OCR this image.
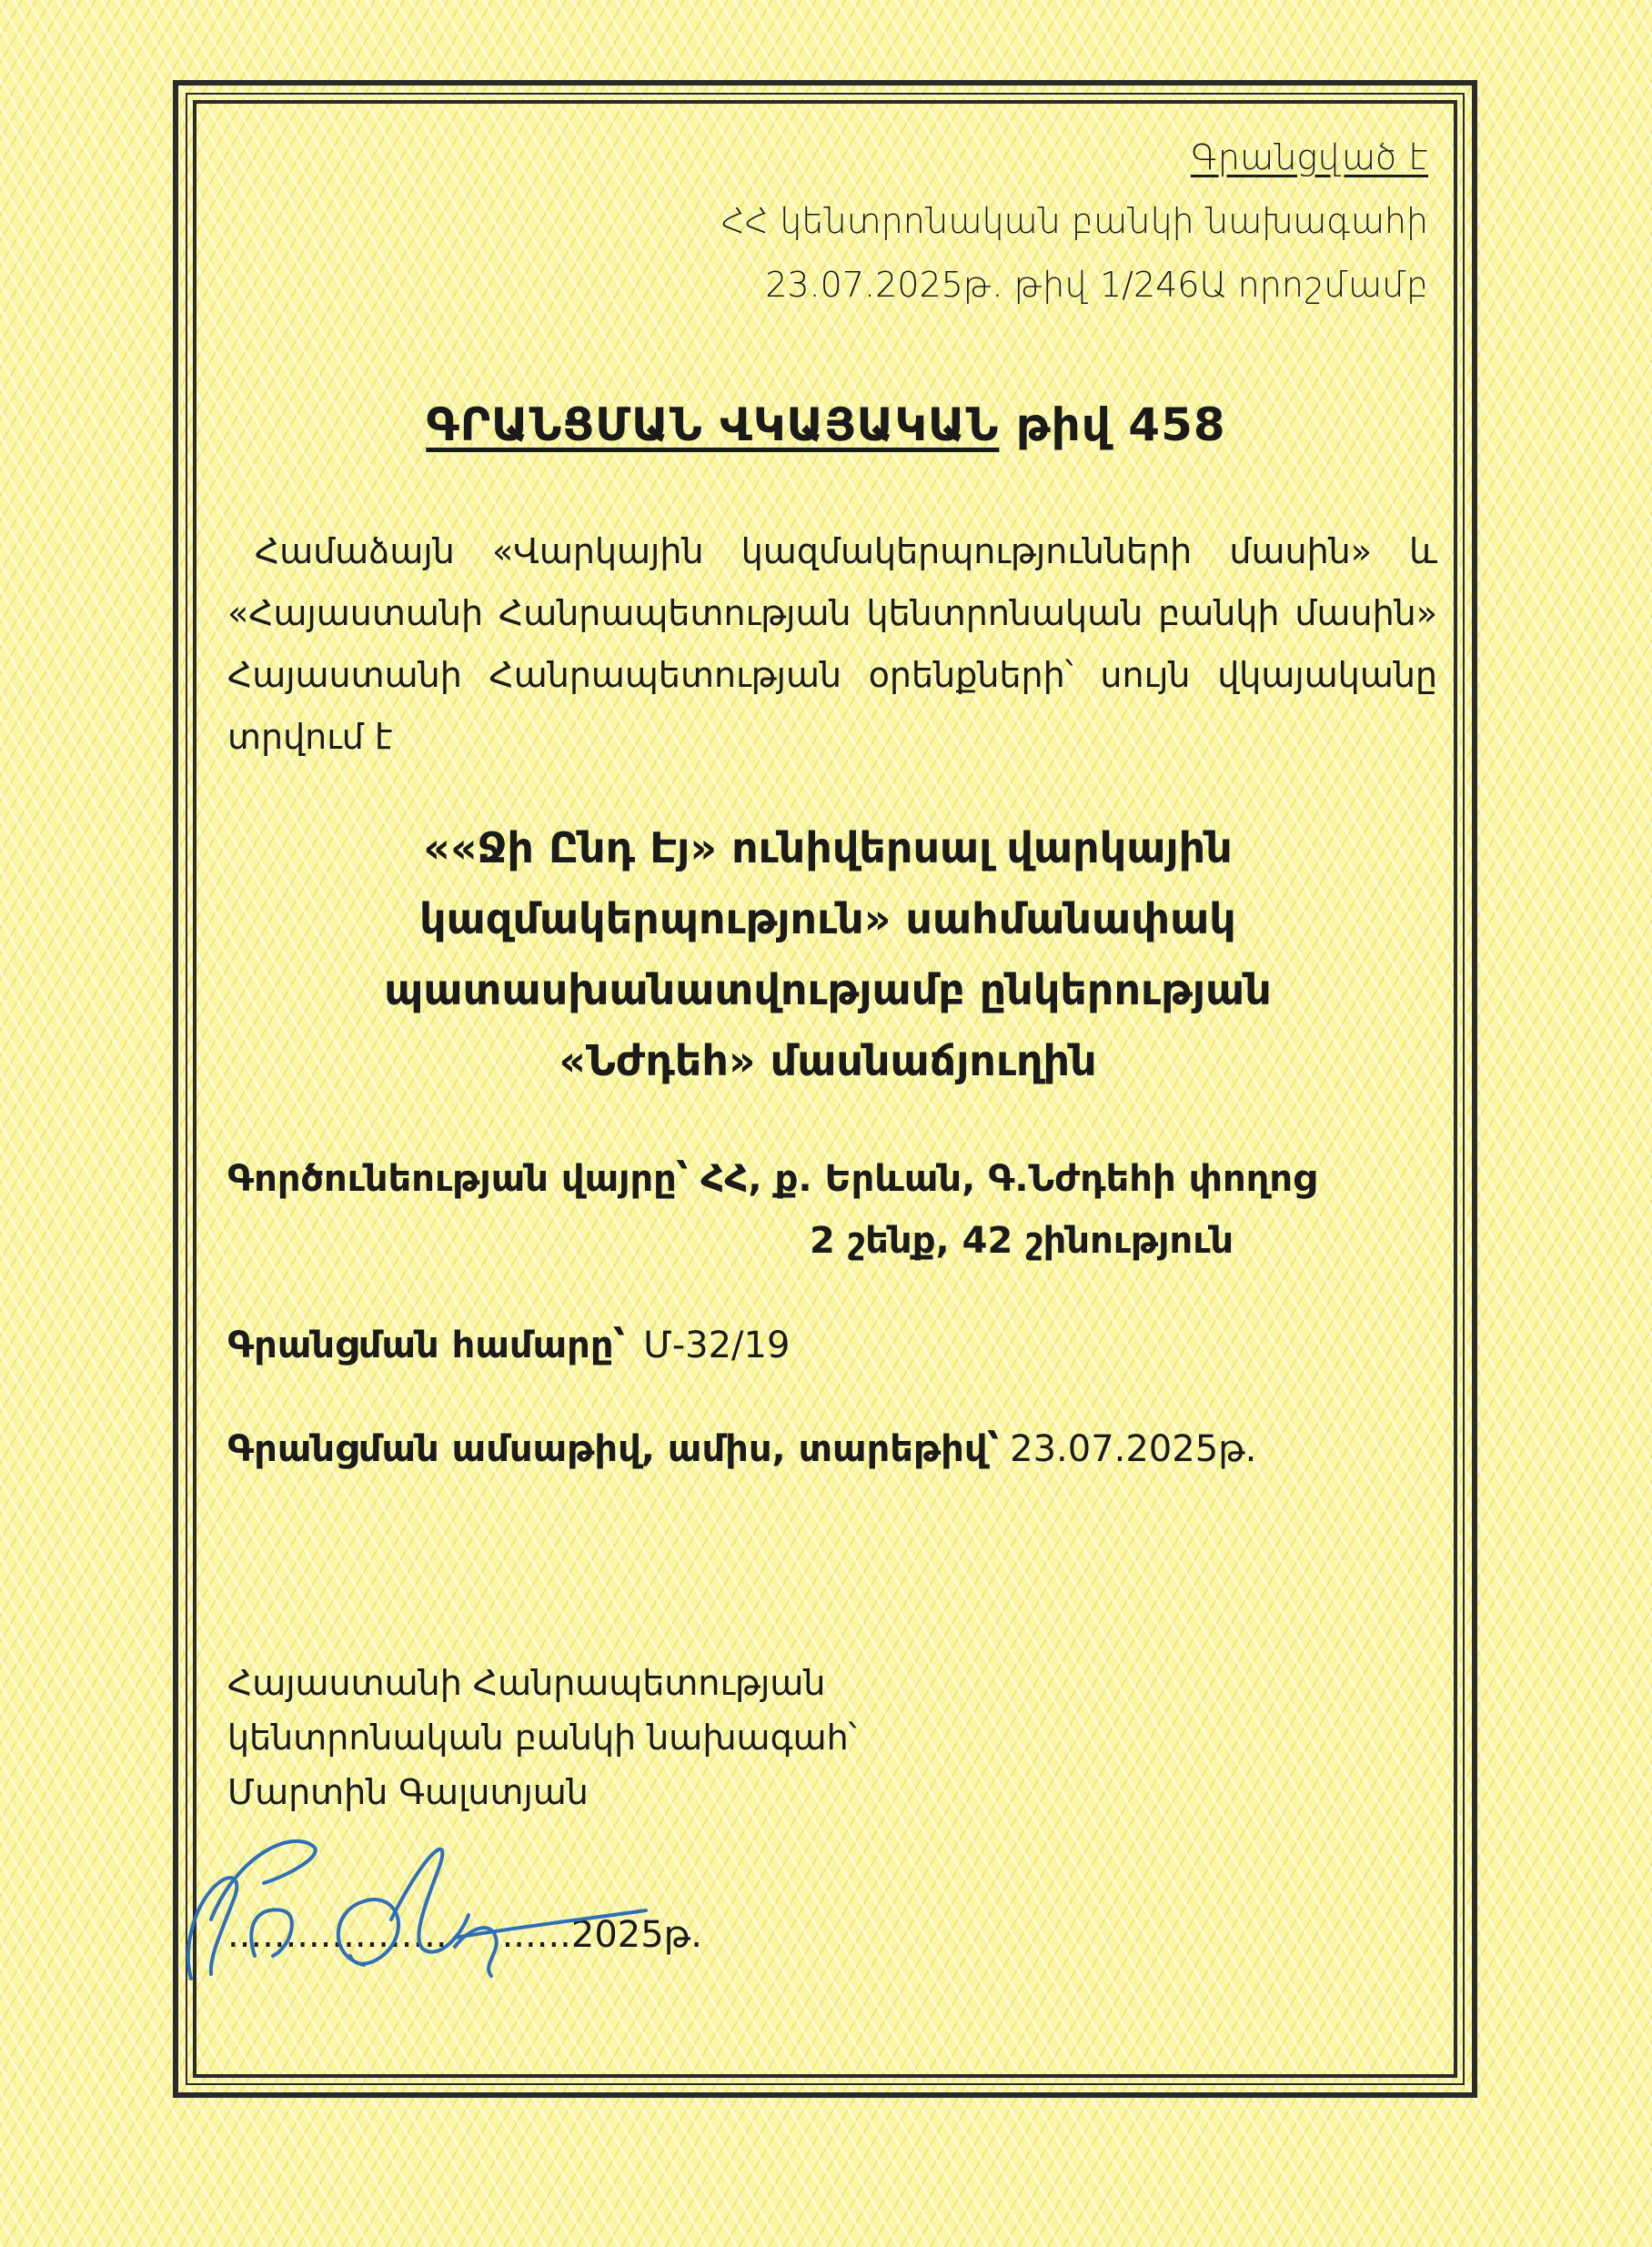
Գրանցված է
ՀՀ կենտրոնական բանկի նախագահի
23.07.2025թ. թիվ 1/246Ա որոշմամբ
ԳՐԱՆՑՄԱՆ ՎԿԱՅԱԿԱՆ թիվ 458
Համաձայն «Վարկային կազմակերպությունների մասին» և «Հայաստանի Հանրապետության կենտրոնական բանկի մասին» Հայաստանի Հանրապետության օրենքների՝ սույն վկայականը տրվում է
««Ջի Ընդ Էյ» ունիվերսալ վարկային
կազմակերպություն» սահմանափակ
պատասխանատվությամբ ընկերության
«Նժդեհ» մասնաճյուղին
Գործունեության վայրը՝ ՀՀ, ք. Երևան, Գ.Նժդեհի փողոց
2 շենք, 42 շինություն
Գրանցման համարը՝ Մ-32/19
Գրանցման ամսաթիվ, ամիս, տարեթիվ՝ 23.07.2025թ.
Հայաստանի Հանրապետության
կենտրոնական բանկի նախագահ՝
Մարտին Գալստյան
................... ......2025թ.
